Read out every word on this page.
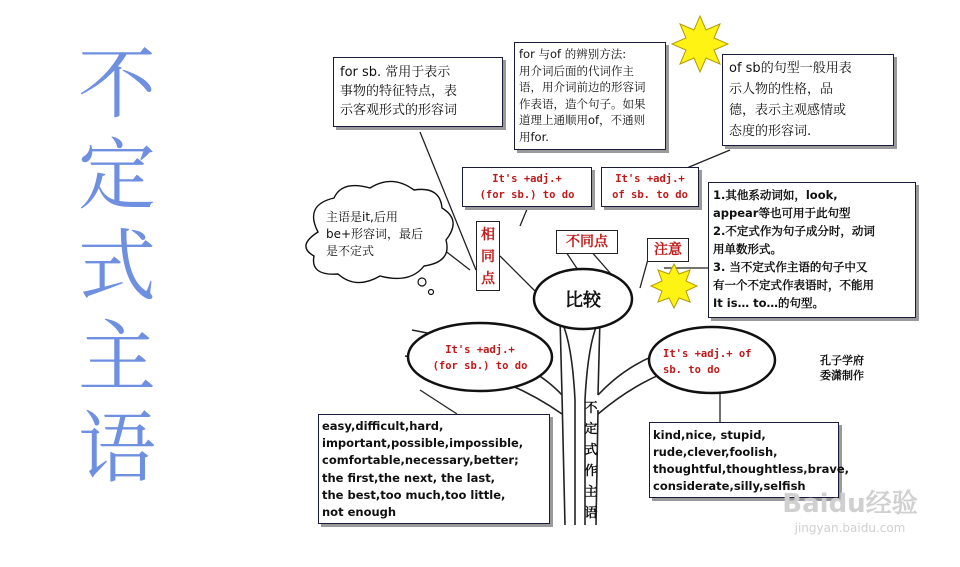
不
定
式
主
语
for sb. 常用于表示
事物的特征特点，表
示客观形式的形容词
for 与of 的辨别方法:
用介词后面的代词作主
语，用介词前边的形容词
作表语，造个句子。如果
道理上通顺用of，不通则
用for.
of sb的句型一般用表
示人物的性格，品
德，表示主观感情或
态度的形容词.
It's +adj.+
(for sb.) to do
It's +adj.+
of sb. to do
主语是it,后用
be+形容词，最后
是不定式
相
同
点
不同点	注意
比较
1.其他系动词如，look,
appear等也可用于此句型
2.不定式作为句子成分时，动词
用单数形式。
3. 当不定式作主语的句子中又
有一个不定式作表语时，不能用
It is… to…的句型。
It's +adj.+
(for sb.) to do
It's +adj.+ of
sb. to do
孔子学府
委潇制作
不
定
式
作
主
语
easy,difficult,hard,
important,possible,impossible,
comfortable,necessary,better;
the first,the next, the last,
the best,too much,too little,
not enough
kind,nice, stupid,
rude,clever,foolish,
thoughtful,thoughtless,brave,
considerate,silly,selfish
Baidu经验
jingyan.baidu.com
